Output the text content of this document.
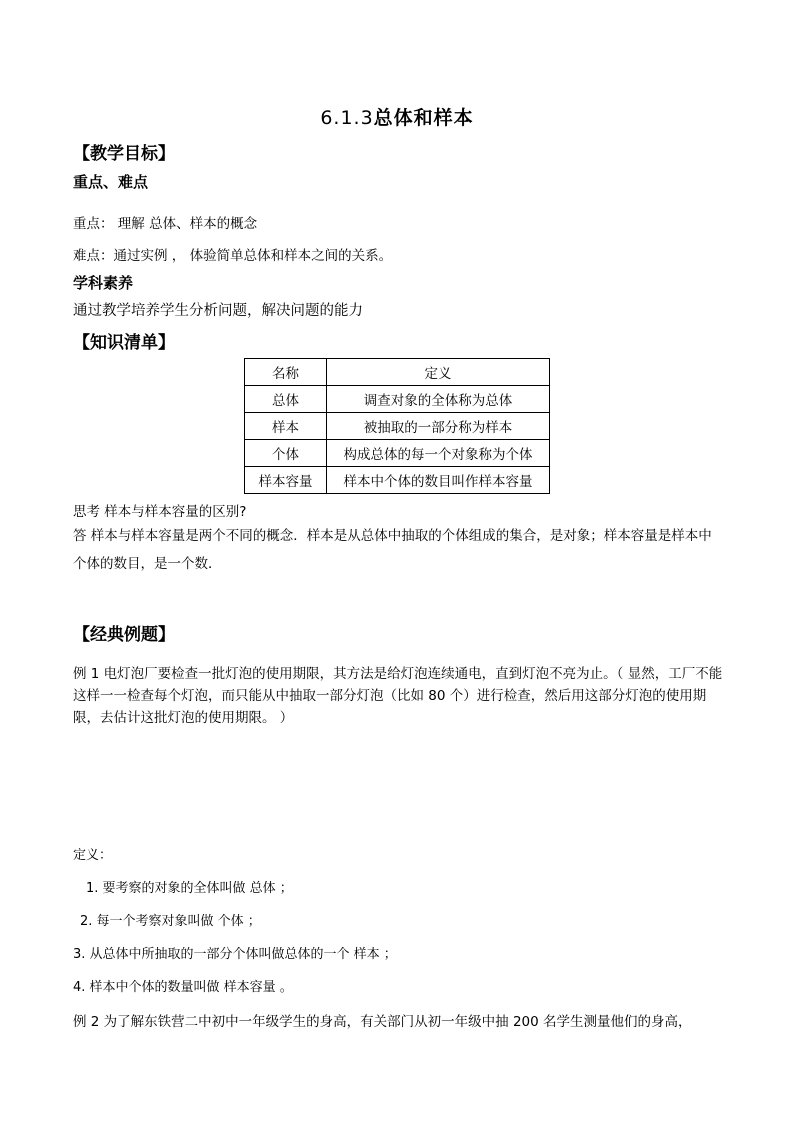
6.1.3总体和样本
【教学目标】
重点、难点
重点： 理解 总体、样本的概念
难点：通过实例 ， 体验简单总体和样本之间的关系。
学科素养
通过教学培养学生分析问题，解决问题的能力
【知识清单】
名称	定义
总体	调查对象的全体称为总体
样本	被抽取的一部分称为样本
个体	构成总体的每一个对象称为个体
样本容量	样本中个体的数目叫作样本容量
思考 样本与样本容量的区别?
答 样本与样本容量是两个不同的概念．样本是从总体中抽取的个体组成的集合，是对象；样本容量是样本中个体的数目，是一个数．
【经典例题】
例 1 电灯泡厂要检查一批灯泡的使用期限，其方法是给灯泡连续通电，直到灯泡不亮为止。（ 显然，工厂不能这样一一检查每个灯泡，而只能从中抽取一部分灯泡（比如 80 个）进行检查，然后用这部分灯泡的使用期限，去估计这批灯泡的使用期限。 ）
定义：
1. 要考察的对象的全体叫做 总体 ；
2. 每一个考察对象叫做 个体 ；
3. 从总体中所抽取的一部分个体叫做总体的一个 样本 ；
4. 样本中个体的数量叫做 样本容量 。
例 2 为了解东铁营二中初中一年级学生的身高，有关部门从初一年级中抽 200 名学生测量他们的身高，
